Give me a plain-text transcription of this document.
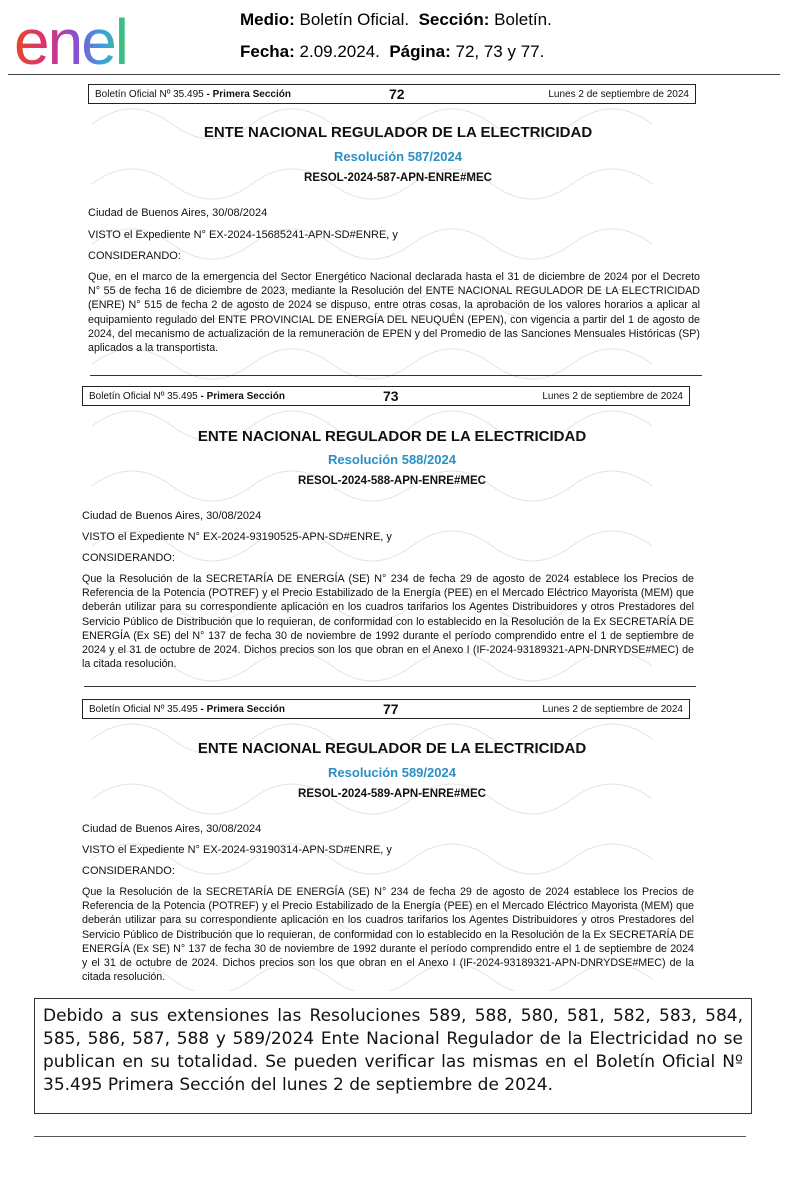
enel	Medio: Boletín Oficial. Sección: Boletín.
Fecha: 2.09.2024. Página: 72, 73 y 77.
Boletín Oficial Nº 35.495 - Primera Sección	72	Lunes 2 de septiembre de 2024
ENTE NACIONAL REGULADOR DE LA ELECTRICIDAD
Resolución 587/2024
RESOL-2024-587-APN-ENRE#MEC
Ciudad de Buenos Aires, 30/08/2024
VISTO el Expediente N° EX-2024-15685241-APN-SD#ENRE, y
CONSIDERANDO:
Que, en el marco de la emergencia del Sector Energético Nacional declarada hasta el 31 de diciembre de 2024 por el Decreto N° 55 de fecha 16 de diciembre de 2023, mediante la Resolución del ENTE NACIONAL REGULADOR DE LA ELECTRICIDAD (ENRE) N° 515 de fecha 2 de agosto de 2024 se dispuso, entre otras cosas, la aprobación de los valores horarios a aplicar al equipamiento regulado del ENTE PROVINCIAL DE ENERGÍA DEL NEUQUÉN (EPEN), con vigencia a partir del 1 de agosto de 2024, del mecanismo de actualización de la remuneración de EPEN y del Promedio de las Sanciones Mensuales Históricas (SP) aplicados a la transportista.
Boletín Oficial Nº 35.495 - Primera Sección	73	Lunes 2 de septiembre de 2024
ENTE NACIONAL REGULADOR DE LA ELECTRICIDAD
Resolución 588/2024
RESOL-2024-588-APN-ENRE#MEC
Ciudad de Buenos Aires, 30/08/2024
VISTO el Expediente N° EX-2024-93190525-APN-SD#ENRE, y
CONSIDERANDO:
Que la Resolución de la SECRETARÍA DE ENERGÍA (SE) N° 234 de fecha 29 de agosto de 2024 establece los Precios de Referencia de la Potencia (POTREF) y el Precio Estabilizado de la Energía (PEE) en el Mercado Eléctrico Mayorista (MEM) que deberán utilizar para su correspondiente aplicación en los cuadros tarifarios los Agentes Distribuidores y otros Prestadores del Servicio Público de Distribución que lo requieran, de conformidad con lo establecido en la Resolución de la Ex SECRETARÍA DE ENERGÍA (Ex SE) del N° 137 de fecha 30 de noviembre de 1992 durante el período comprendido entre el 1 de septiembre de 2024 y el 31 de octubre de 2024. Dichos precios son los que obran en el Anexo I (IF-2024-93189321-APN-DNRYDSE#MEC) de la citada resolución.
Boletín Oficial Nº 35.495 - Primera Sección	77	Lunes 2 de septiembre de 2024
ENTE NACIONAL REGULADOR DE LA ELECTRICIDAD
Resolución 589/2024
RESOL-2024-589-APN-ENRE#MEC
Ciudad de Buenos Aires, 30/08/2024
VISTO el Expediente N° EX-2024-93190314-APN-SD#ENRE, y
CONSIDERANDO:
Que la Resolución de la SECRETARÍA DE ENERGÍA (SE) N° 234 de fecha 29 de agosto de 2024 establece los Precios de Referencia de la Potencia (POTREF) y el Precio Estabilizado de la Energía (PEE) en el Mercado Eléctrico Mayorista (MEM) que deberán utilizar para su correspondiente aplicación en los cuadros tarifarios los Agentes Distribuidores y otros Prestadores del Servicio Público de Distribución que lo requieran, de conformidad con lo establecido en la Resolución de la Ex SECRETARÍA DE ENERGÍA (Ex SE) N° 137 de fecha 30 de noviembre de 1992 durante el período comprendido entre el 1 de septiembre de 2024 y el 31 de octubre de 2024. Dichos precios son los que obran en el Anexo I (IF-2024-93189321-APN-DNRYDSE#MEC) de la citada resolución.
Debido a sus extensiones las Resoluciones 589, 588, 580, 581, 582, 583, 584, 585, 586, 587, 588 y 589/2024 Ente Nacional Regulador de la Electricidad no se publican en su totalidad. Se pueden verificar las mismas en el Boletín Oficial Nº 35.495 Primera Sección del lunes 2 de septiembre de 2024.
